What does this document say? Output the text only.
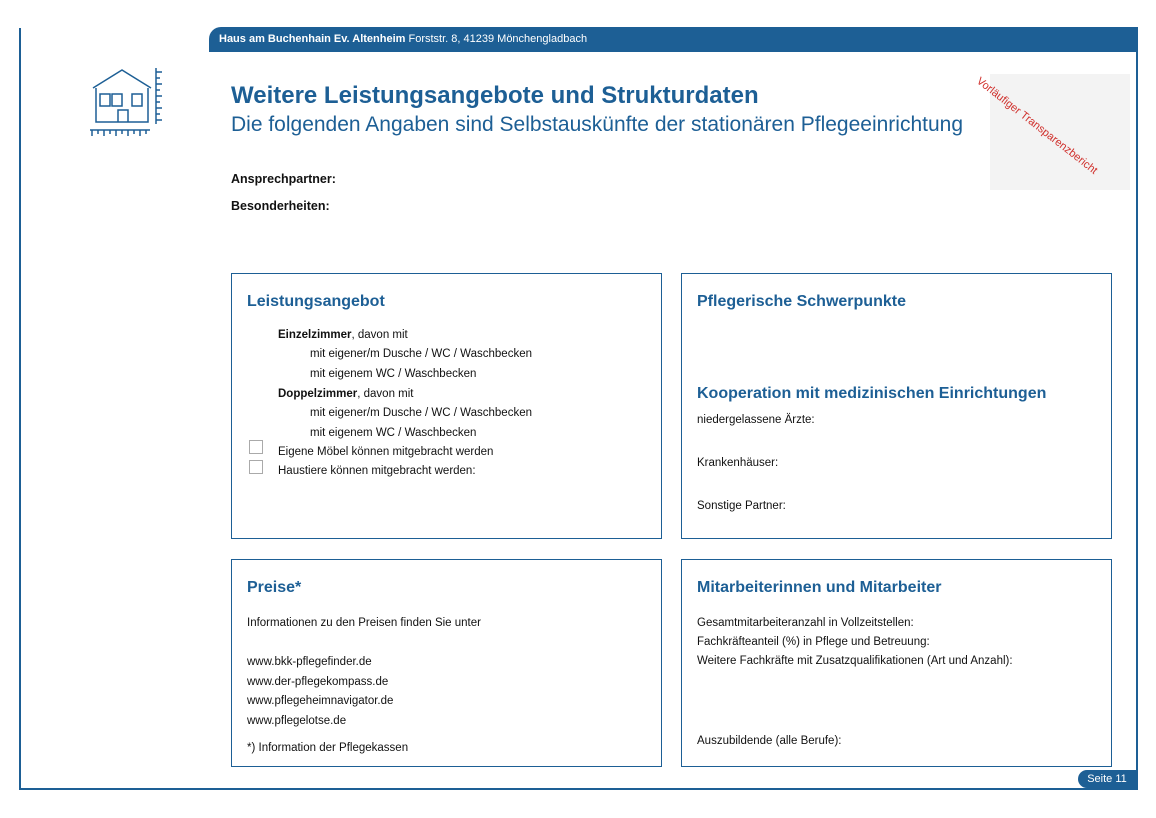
Haus am Buchenhain Ev. Altenheim Forststr. 8, 41239 Mönchengladbach
Weitere Leistungsangebote und Strukturdaten
Die folgenden Angaben sind Selbstauskünfte der stationären Pflegeeinrichtung Vorläufiger Transparenzbericht
Ansprechpartner:
Besonderheiten:
Leistungsangebot
Einzelzimmer, davon mit
mit eigener/m Dusche / WC / Waschbecken
mit eigenem WC / Waschbecken
Doppelzimmer, davon mit
mit eigener/m Dusche / WC / Waschbecken
mit eigenem WC / Waschbecken
Eigene Möbel können mitgebracht werden
Haustiere können mitgebracht werden:
Pflegerische Schwerpunkte
Kooperation mit medizinischen Einrichtungen
niedergelassene Ärzte:
Krankenhäuser:
Sonstige Partner:
Preise*
Informationen zu den Preisen finden Sie unter
www.bkk-pflegefinder.de
www.der-pflegekompass.de
www.pflegeheimnavigator.de
www.pflegelotse.de
*) Information der Pflegekassen
Mitarbeiterinnen und Mitarbeiter
Gesamtmitarbeiteranzahl in Vollzeitstellen:
Fachkräfteanteil (%) in Pflege und Betreuung:
Weitere Fachkräfte mit Zusatzqualifikationen (Art und Anzahl):
Auszubildende (alle Berufe):
Seite 11
